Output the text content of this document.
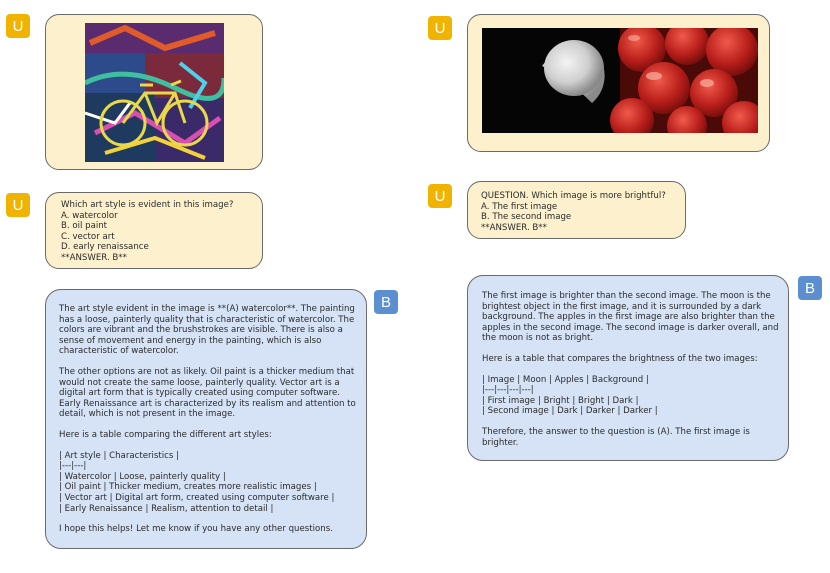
U
U	Which art style is evident in this image?
A. watercolor
B. oil paint
C. vector art
D. early renaissance
**ANSWER. B**
B

The art style evident in the image is **(A) watercolor**. The painting has a loose, painterly quality that is characteristic of watercolor. The colors are vibrant and the brushstrokes are visible. There is also a sense of movement and energy in the painting, which is also characteristic of watercolor.

The other options are not as likely. Oil paint is a thicker medium that would not create the same loose, painterly quality. Vector art is a digital art form that is typically created using computer software. Early Renaissance art is characterized by its realism and attention to detail, which is not present in the image.

Here is a table comparing the different art styles:

| Art style | Characteristics |
|---|---|
| Watercolor | Loose, painterly quality |
| Oil paint | Thicker medium, creates more realistic images |
| Vector art | Digital art form, created using computer software |
| Early Renaissance | Realism, attention to detail |

I hope this helps! Let me know if you have any other questions.

U
U	QUESTION. Which image is more brightful?
A. The first image
B. The second image
**ANSWER. B**
B

The first image is brighter than the second image. The moon is the brightest object in the first image, and it is surrounded by a dark background. The apples in the first image are also brighter than the apples in the second image. The second image is darker overall, and the moon is not as bright.

Here is a table that compares the brightness of the two images:

| Image | Moon | Apples | Background |
|---|---|---|---|
| First image | Bright | Bright | Dark |
| Second image | Dark | Darker | Darker |

Therefore, the answer to the question is (A). The first image is brighter.
